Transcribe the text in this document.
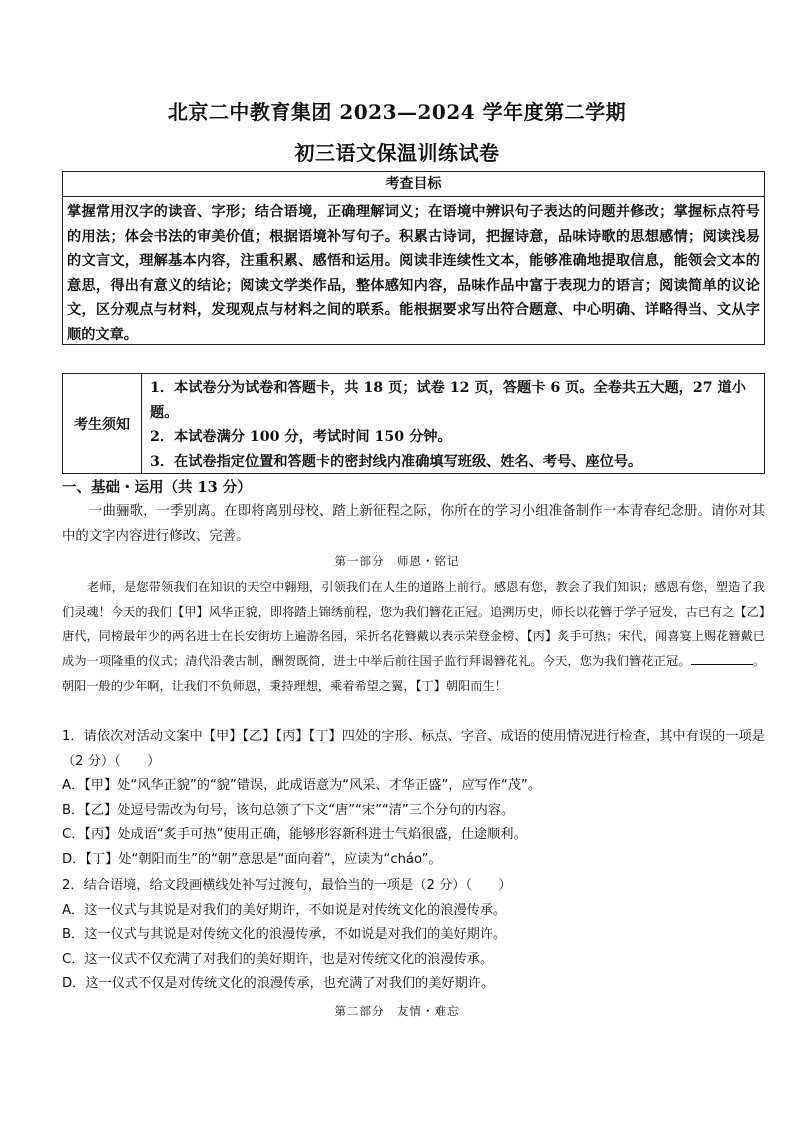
北京二中教育集团 2023—2024 学年度第二学期
初三语文保温训练试卷
考查目标
掌握常用汉字的读音、字形；结合语境，正确理解词义；在语境中辨识句子表达的问题并修改；掌握标点符号的用法；体会书法的审美价值；根据语境补写句子。积累古诗词，把握诗意，品味诗歌的思想感情；阅读浅易的文言文，理解基本内容，注重积累、感悟和运用。阅读非连续性文本，能够准确地提取信息，能领会文本的意思，得出有意义的结论；阅读文学类作品，整体感知内容，品味作品中富于表现力的语言；阅读简单的议论文，区分观点与材料，发现观点与材料之间的联系。能根据要求写出符合题意、中心明确、详略得当、文从字顺的文章。
考生须知
1．本试卷分为试卷和答题卡，共 18 页；试卷 12 页，答题卡 6 页。全卷共五大题，27 道小题。
2．本试卷满分 100 分，考试时间 150 分钟。
3．在试卷指定位置和答题卡的密封线内准确填写班级、姓名、考号、座位号。
一、基础・运用（共 13 分）
一曲骊歌，一季别离。在即将离别母校、踏上新征程之际，你所在的学习小组准备制作一本青春纪念册。请你对其中的文字内容进行修改、完善。
第一部分　师恩・铭记
老师，是您带领我们在知识的天空中翱翔，引领我们在人生的道路上前行。感恩有您，教会了我们知识；感恩有您，塑造了我们灵魂！今天的我们【甲】风华正貌，即将踏上锦绣前程，您为我们簪花正冠。追溯历史，师长以花簪于学子冠发，古已有之【乙】唐代，同榜最年少的两名进士在长安街坊上遍游名园，采折名花簪戴以表示荣登金榜、【丙】炙手可热；宋代，闻喜宴上赐花簪戴已成为一项隆重的仪式；清代沿袭古制，酬贺既简，进士中举后前往国子监行拜谒簪花礼。今天，您为我们簪花正冠。	。朝阳一般的少年啊，让我们不负师恩，秉持理想，乘着希望之翼，【丁】朝阳而生！
1．请依次对活动文案中【甲】【乙】【丙】【丁】四处的字形、标点、字音、成语的使用情况进行检查，其中有误的一项是（2 分）（　　）
A．【甲】处“风华正貌”的“貌”错误，此成语意为“风采、才华正盛”，应写作“茂”。
B．【乙】处逗号需改为句号，该句总领了下文“唐”“宋”“清”三个分句的内容。
C．【丙】处成语“炙手可热”使用正确，能够形容新科进士气焰很盛，仕途顺利。
D．【丁】处“朝阳而生”的“朝”意思是“面向着”，应读为“cháo”。
2．结合语境，给文段画横线处补写过渡句，最恰当的一项是（2 分）（　　）
A．这一仪式与其说是对我们的美好期许，不如说是对传统文化的浪漫传承。
B．这一仪式与其说是对传统文化的浪漫传承，不如说是对我们的美好期许。
C．这一仪式不仅充满了对我们的美好期许，也是对传统文化的浪漫传承。
D．这一仪式不仅是对传统文化的浪漫传承，也充满了对我们的美好期许。
第二部分　友情・难忘
